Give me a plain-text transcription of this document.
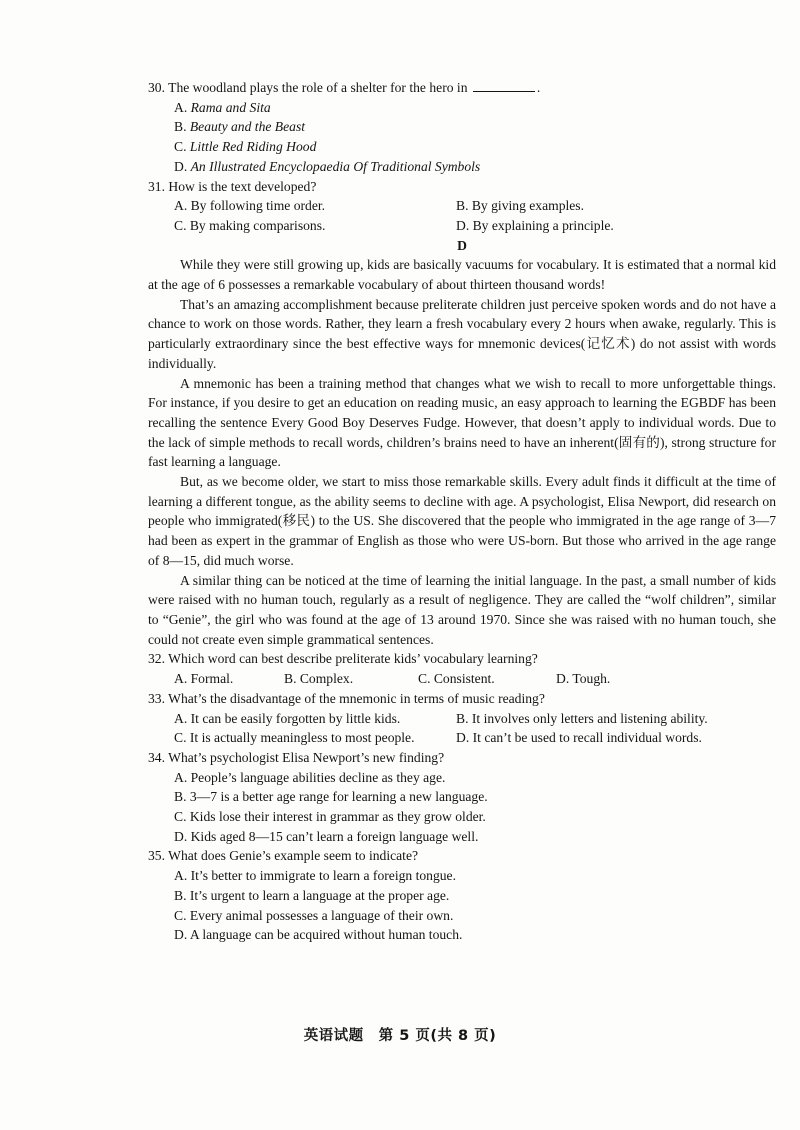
30. The woodland plays the role of a shelter for the hero in	.

A. Rama and Sita

B. Beauty and the Beast

C. Little Red Riding Hood

D. An Illustrated Encyclopaedia Of Traditional Symbols

31. How is the text developed?

A. By following time order.	B. By giving examples.
C. By making comparisons.	D. By explaining a principle.

D

While they were still growing up, kids are basically vacuums for vocabulary. It is estimated that a normal kid at the age of 6 possesses a remarkable vocabulary of about thirteen thousand words!

That’s an amazing accomplishment because preliterate children just perceive spoken words and do not have a chance to work on those words. Rather, they learn a fresh vocabulary every 2 hours when awake, regularly. This is particularly extraordinary since the best effective ways for mnemonic devices(记忆术) do not assist with words individually.

A mnemonic has been a training method that changes what we wish to recall to more unforgettable things. For instance, if you desire to get an education on reading music, an easy approach to learning the EGBDF has been recalling the sentence Every Good Boy Deserves Fudge. However, that doesn’t apply to individual words. Due to the lack of simple methods to recall words, children’s brains need to have an inherent(固有的), strong structure for fast learning a language.

But, as we become older, we start to miss those remarkable skills. Every adult finds it difficult at the time of learning a different tongue, as the ability seems to decline with age. A psychologist, Elisa Newport, did research on people who immigrated(移民) to the US. She discovered that the people who immigrated in the age range of 3—7 had been as expert in the grammar of English as those who were US-born. But those who arrived in the age range of 8—15, did much worse.

A similar thing can be noticed at the time of learning the initial language. In the past, a small number of kids were raised with no human touch, regularly as a result of negligence. They are called the “wolf children”, similar to “Genie”, the girl who was found at the age of 13 around 1970. Since she was raised with no human touch, she could not create even simple grammatical sentences.

32. Which word can best describe preliterate kids’ vocabulary learning?

A. Formal.	B. Complex.	C. Consistent.	D. Tough.

33. What’s the disadvantage of the mnemonic in terms of music reading?

A. It can be easily forgotten by little kids.	B. It involves only letters and listening ability.
C. It is actually meaningless to most people.	D. It can’t be used to recall individual words.

34. What’s psychologist Elisa Newport’s new finding?

A. People’s language abilities decline as they age.

B. 3—7 is a better age range for learning a new language.

C. Kids lose their interest in grammar as they grow older.

D. Kids aged 8—15 can’t learn a foreign language well.

35. What does Genie’s example seem to indicate?

A. It’s better to immigrate to learn a foreign tongue.

B. It’s urgent to learn a language at the proper age.

C. Every animal possesses a language of their own.

D. A language can be acquired without human touch.

英语试题　第 5 页(共 8 页)
